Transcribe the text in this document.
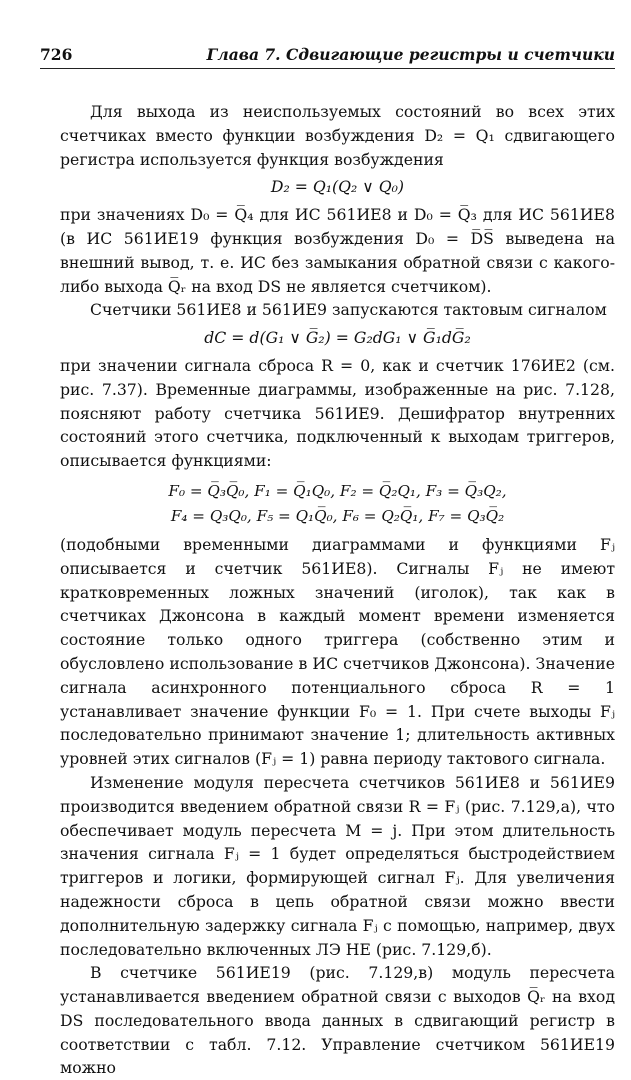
726	Глава 7. Сдвигающие регистры и счетчики

Для выхода из неиспользуемых состояний во всех этих счетчиках вместо функции возбуждения D₂ = Q₁ сдвигающего регистра используется функция возбуждения

D₂ = Q₁(Q₂ ∨ Q₀)

при значениях D₀ = Q̅₄ для ИС 561ИЕ8 и D₀ = Q̅₃ для ИС 561ИЕ8 (в ИС 561ИЕ19 функция возбуждения D₀ = D̅S̅ выведена на внешний вывод, т. е. ИС без замыкания обратной связи с какого-либо выхода Q̅ᵣ на вход DS не является счетчиком).

Счетчики 561ИЕ8 и 561ИЕ9 запускаются тактовым сигналом

dC = d(G₁ ∨ G̅₂) = G₂dG₁ ∨ G̅₁dG̅₂

при значении сигнала сброса R = 0, как и счетчик 176ИЕ2 (см. рис. 7.37). Временные диаграммы, изображенные на рис. 7.128, поясняют работу счетчика 561ИЕ9. Дешифратор внутренних состояний этого счетчика, подключенный к выходам триггеров, описывается функциями:

F₀ = Q̅₃Q̅₀, F₁ = Q̅₁Q₀, F₂ = Q̅₂Q₁, F₃ = Q̅₃Q₂,
F₄ = Q₃Q₀, F₅ = Q₁Q̅₀, F₆ = Q₂Q̅₁, F₇ = Q₃Q̅₂

(подобными временными диаграммами и функциями Fⱼ описывается и счетчик 561ИЕ8). Сигналы Fⱼ не имеют кратковременных ложных значений (иголок), так как в счетчиках Джонсона в каждый момент времени изменяется состояние только одного триггера (собственно этим и обусловлено использование в ИС счетчиков Джонсона). Значение сигнала асинхронного потенциального сброса R = 1 устанавливает значение функции F₀ = 1. При счете выходы Fⱼ последовательно принимают значение 1; длительность активных уровней этих сигналов (Fⱼ = 1) равна периоду тактового сигнала.

Изменение модуля пересчета счетчиков 561ИЕ8 и 561ИЕ9 производится введением обратной связи R = Fⱼ (рис. 7.129,а), что обеспечивает модуль пересчета M = j. При этом длительность значения сигнала Fⱼ = 1 будет определяться быстродействием триггеров и логики, формирующей сигнал Fⱼ. Для увеличения надежности сброса в цепь обратной связи можно ввести дополнительную задержку сигнала Fⱼ с помощью, например, двух последовательно включенных ЛЭ НЕ (рис. 7.129,б).

В счетчике 561ИЕ19 (рис. 7.129,в) модуль пересчета устанавливается введением обратной связи с выходов Q̅ᵣ на вход DS последовательного ввода данных в сдвигающий регистр в соответствии с табл. 7.12. Управление счетчиком 561ИЕ19 можно
